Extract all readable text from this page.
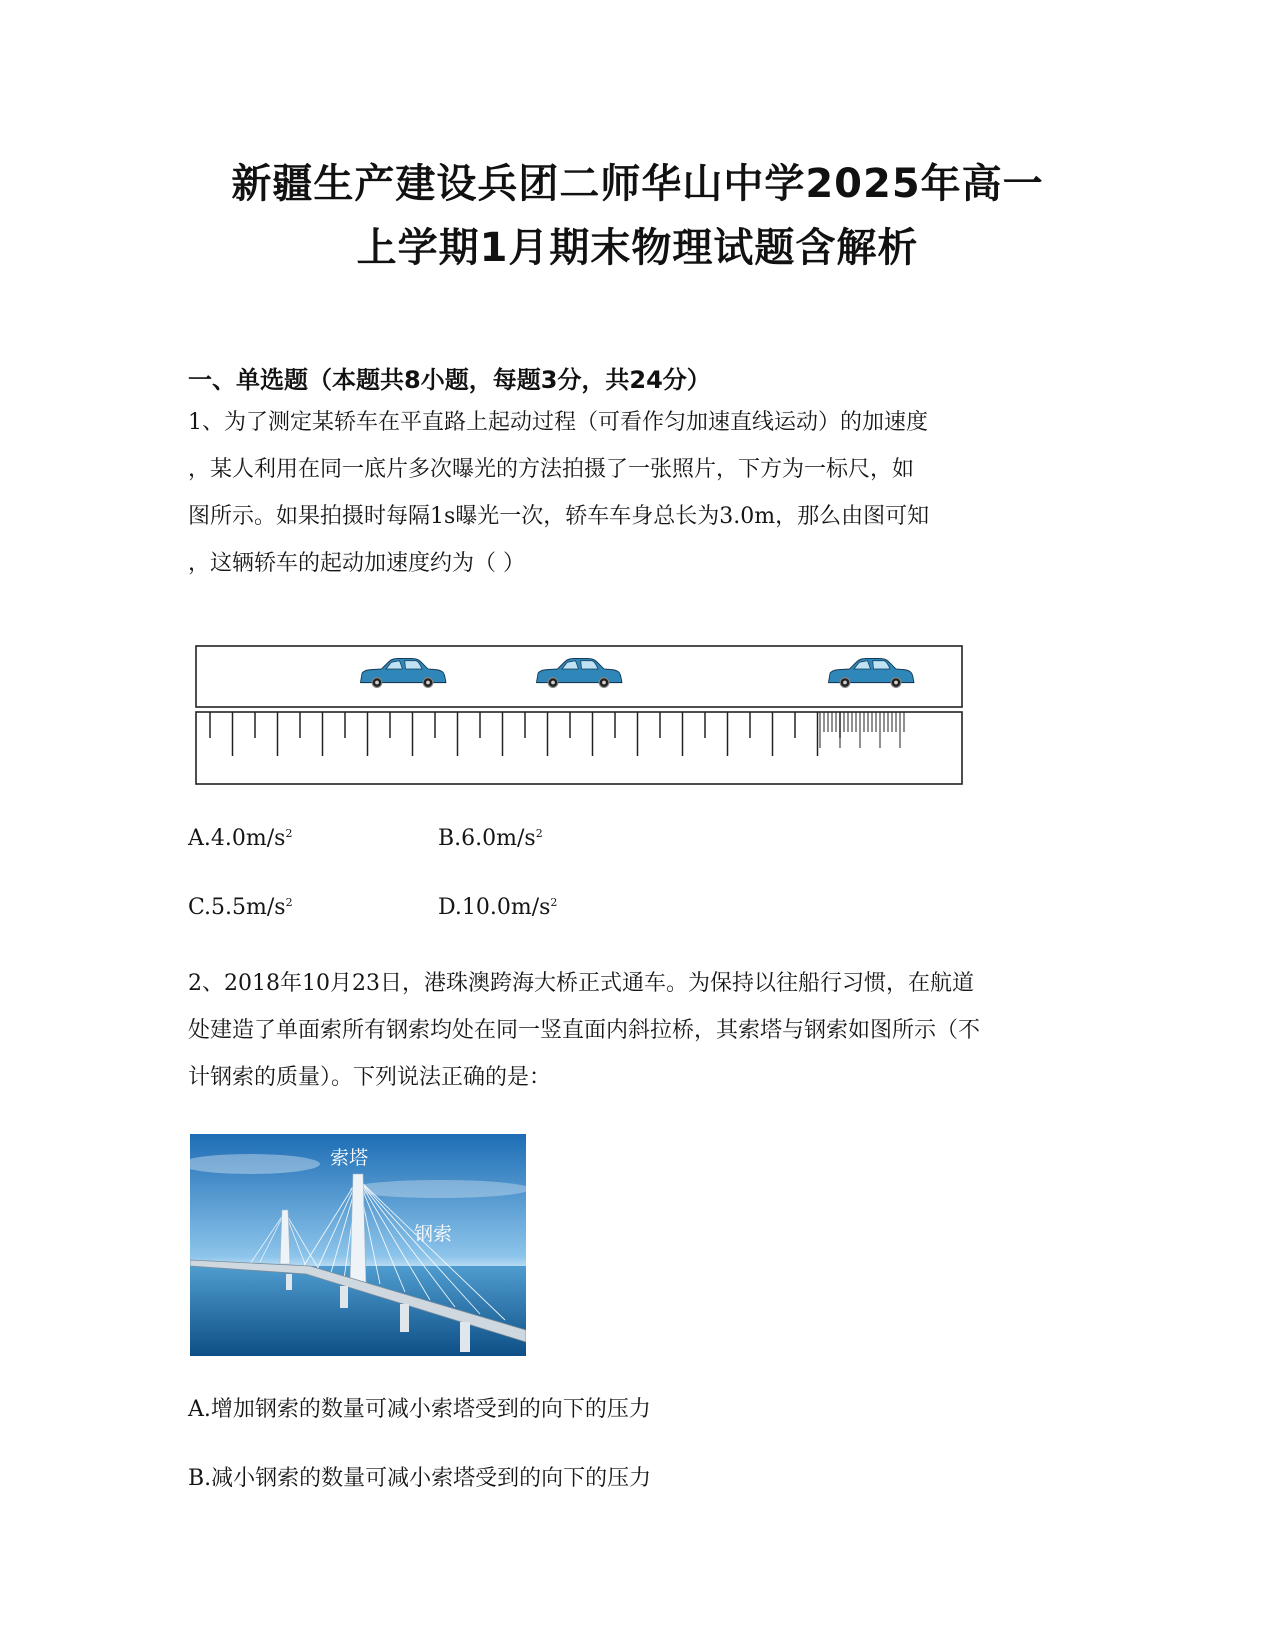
新疆生产建设兵团二师华山中学2025年高一
上学期1月期末物理试题含解析
一、单选题（本题共8小题，每题3分，共24分）
1、为了测定某轿车在平直路上起动过程（可看作匀加速直线运动）的加速度
，某人利用在同一底片多次曝光的方法拍摄了一张照片，下方为一标尺，如
图所示。如果拍摄时每隔1s曝光一次，轿车车身总长为3.0m，那么由图可知
，这辆轿车的起动加速度约为（ ）
$A.4.0m/s^2$	$B.6.0m/s^2$
$C.5.5m/s^2$	$D.10.0m/s^2$
2、2018年10月23日，港珠澳跨海大桥正式通车。为保持以往船行习惯，在航道
处建造了单面索所有钢索均处在同一竖直面内斜拉桥，其索塔与钢索如图所示（不
计钢索的质量）。下列说法正确的是：
索塔
钢索
A.增加钢索的数量可减小索塔受到的向下的压力
B.减小钢索的数量可减小索塔受到的向下的压力
